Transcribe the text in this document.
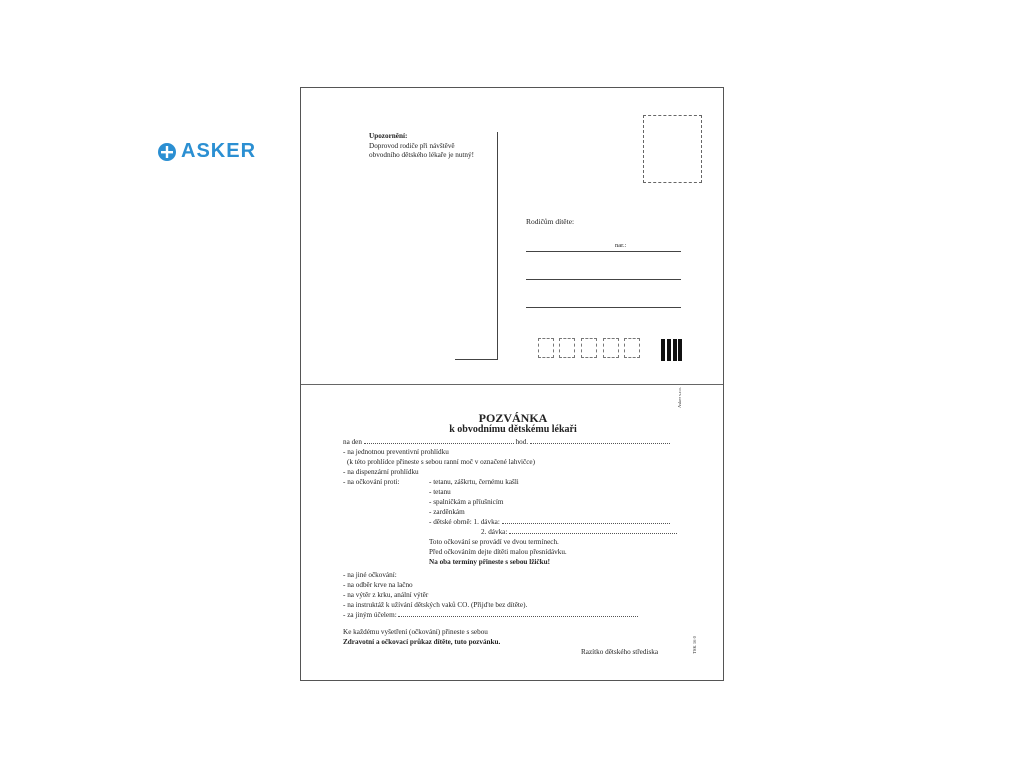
ASKER
Upozornění:
Doprovod rodiče při návštěvě obvodního dětského lékaře je nutný!
Rodičům dítěte:
nar.:
POZVÁNKA
k obvodnímu dětskému lékaři
Asker s.r.o.
TSK 16 0
na den	hod.
- na jednotnou preventivní prohlídku
(k této prohlídce přineste s sebou ranní moč v označené lahvičce)
- na dispenzární prohlídku
- na očkování proti:	- tetanu, záškrtu, černému kašli
- tetanu
- spalničkám a příušnicím
- zarděnkám
- dětské obrně: 1. dávka:
2. dávka:
Toto očkování se provádí ve dvou termínech.
Před očkováním dejte dítěti malou přesnídávku.
Na oba termíny přineste s sebou lžičku!
- na jiné očkování:
- na odběr krve na lačno
- na výtěr z krku, anální výtěr
- na instruktáž k užívání dětských vaků CO. (Přijďte bez dítěte).
- za jiným účelem:
Ke každému vyšetření (očkování) přineste s sebou
Zdravotní a očkovací průkaz dítěte, tuto pozvánku.
Razítko dětského střediska
